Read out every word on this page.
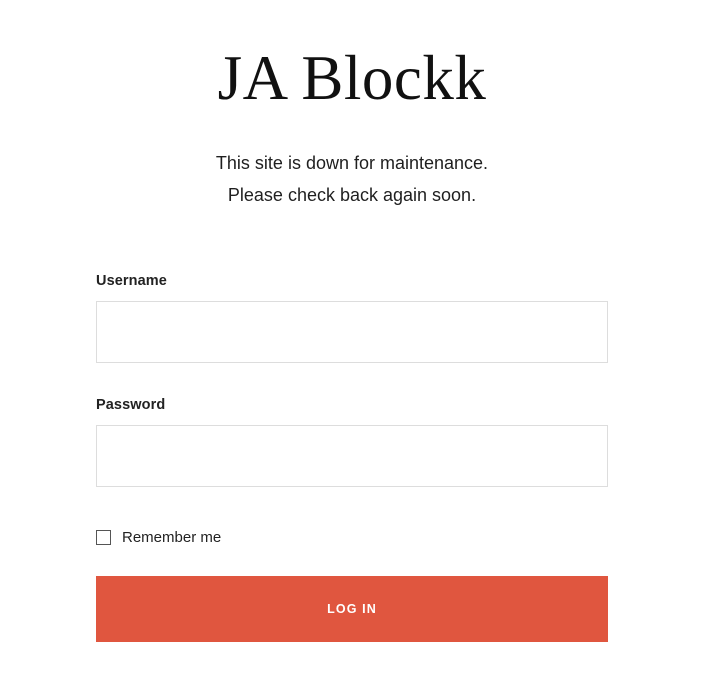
JA Blockk
This site is down for maintenance.
Please check back again soon.
Username
Password
Remember me
LOG IN
